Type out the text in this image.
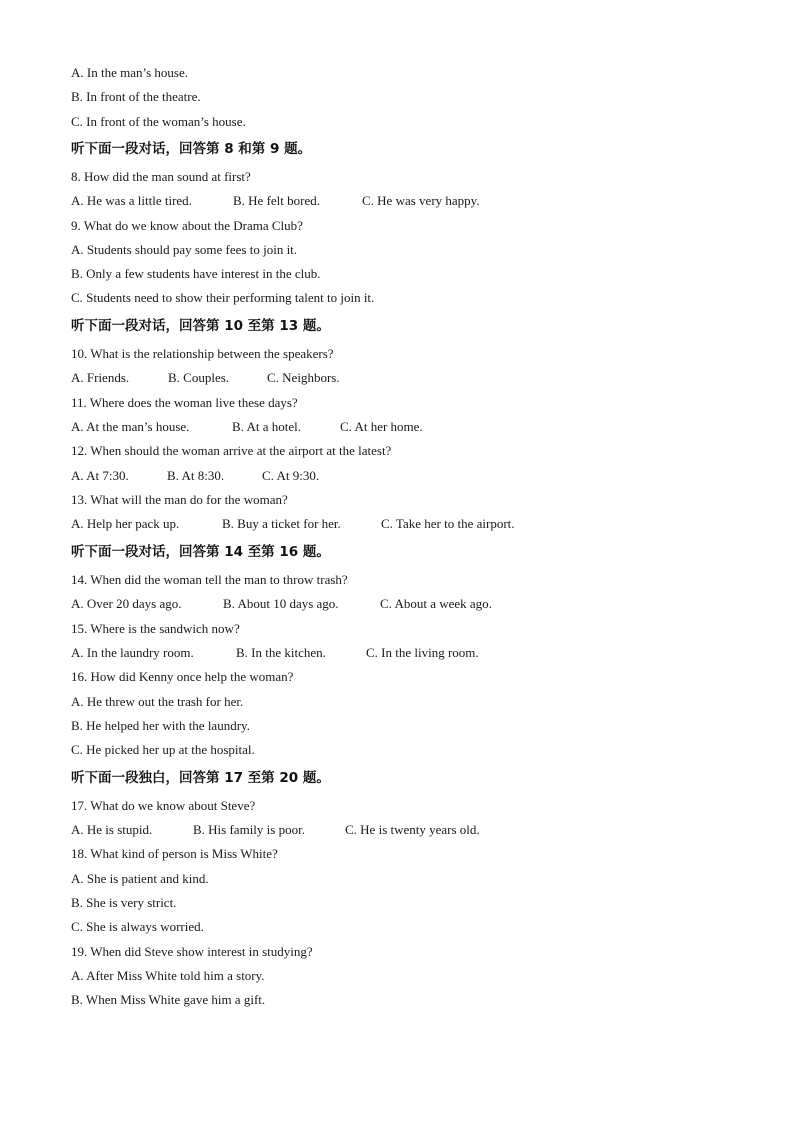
A. In the man’s house.
B. In front of the theatre.
C. In front of the woman’s house.
听下面一段对话，回答第 8 和第 9 题。
8. How did the man sound at first?
A. He was a little tired.	B. He felt bored.	C. He was very happy.
9. What do we know about the Drama Club?
A. Students should pay some fees to join it.
B. Only a few students have interest in the club.
C. Students need to show their performing talent to join it.
听下面一段对话，回答第 10 至第 13 题。
10. What is the relationship between the speakers?
A. Friends.	B. Couples.	C. Neighbors.
11. Where does the woman live these days?
A. At the man’s house.	B. At a hotel.	C. At her home.
12. When should the woman arrive at the airport at the latest?
A. At 7:30.	B. At 8:30.	C. At 9:30.
13. What will the man do for the woman?
A. Help her pack up.	B. Buy a ticket for her.	C. Take her to the airport.
听下面一段对话，回答第 14 至第 16 题。
14. When did the woman tell the man to throw trash?
A. Over 20 days ago.	B. About 10 days ago.	C. About a week ago.
15. Where is the sandwich now?
A. In the laundry room.	B. In the kitchen.	C. In the living room.
16. How did Kenny once help the woman?
A. He threw out the trash for her.
B. He helped her with the laundry.
C. He picked her up at the hospital.
听下面一段独白，回答第 17 至第 20 题。
17. What do we know about Steve?
A. He is stupid.	B. His family is poor.	C. He is twenty years old.
18. What kind of person is Miss White?
A. She is patient and kind.
B. She is very strict.
C. She is always worried.
19. When did Steve show interest in studying?
A. After Miss White told him a story.
B. When Miss White gave him a gift.
